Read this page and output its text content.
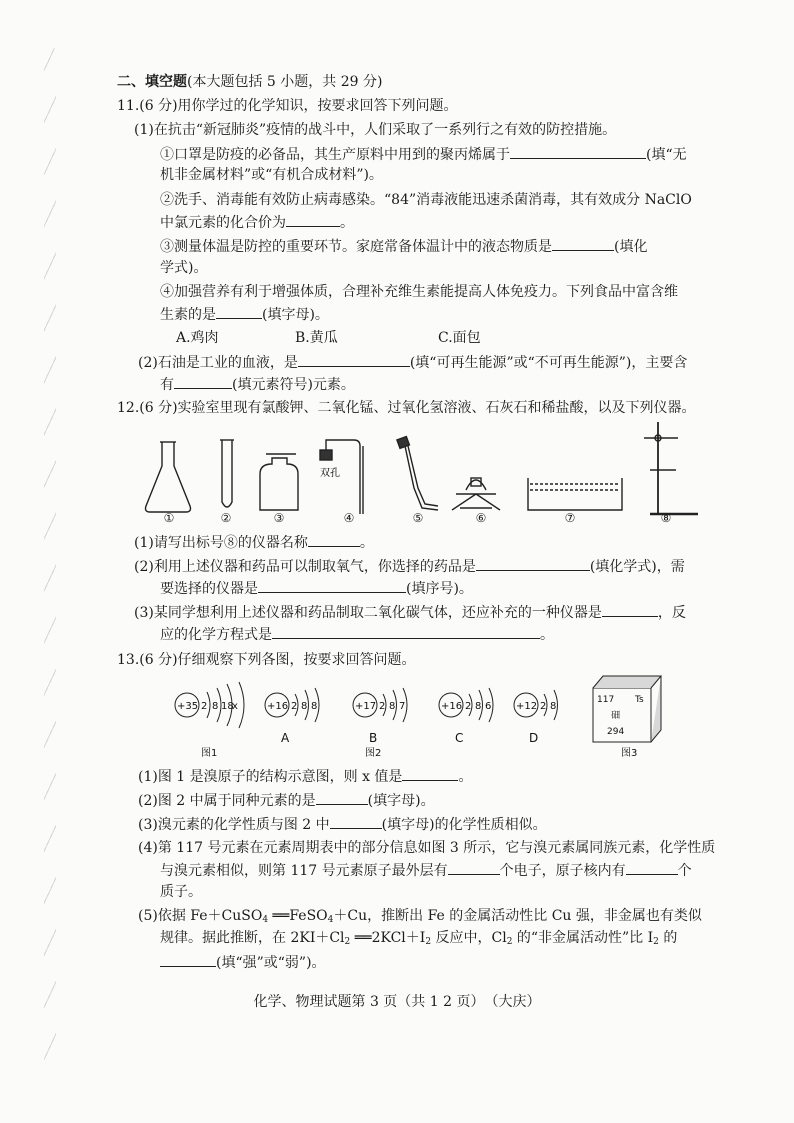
二、填空题(本大题包括 5 小题，共 29 分)
11.(6 分)用你学过的化学知识，按要求回答下列问题。
(1)在抗击“新冠肺炎”疫情的战斗中，人们采取了一系列行之有效的防控措施。
①口罩是防疫的必备品，其生产原料中用到的聚丙烯属于	(填“无
机非金属材料”或“有机合成材料”)。
②洗手、消毒能有效防止病毒感染。“84”消毒液能迅速杀菌消毒，其有效成分 NaClO
中氯元素的化合价为	。
③测量体温是防控的重要环节。家庭常备体温计中的液态物质是	(填化
学式)。
④加强营养有利于增强体质，合理补充维生素能提高人体免疫力。下列食品中富含维
生素的是	(填字母)。
A.鸡肉	B.黄瓜	C.面包
(2)石油是工业的血液，是	(填“可再生能源”或“不可再生能源”)，主要含
有	(填元素符号)元素。
12.(6 分)实验室里现有氯酸钾、二氧化锰、过氧化氢溶液、石灰石和稀盐酸，以及下列仪器。
双孔
①	②	③	④	⑤	⑥	⑦	⑧
(1)请写出标号⑧的仪器名称	。
(2)利用上述仪器和药品可以制取氧气，你选择的药品是	(填化学式)，需
要选择的仪器是	(填序号)。
(3)某同学想利用上述仪器和药品制取二氧化碳气体，还应补充的一种仪器是	，反
应的化学方程式是	。
13.(6 分)仔细观察下列各图，按要求回答问题。
+35 2 8 18
x	+16 2 8 8	+17 2 8 7	+16 2 8 6 +12 2 8
117 Ts
鿬
294
A	B	C	D
图1	图2	图3
(1)图 1 是溴原子的结构示意图，则 x 值是	。
(2)图 2 中属于同种元素的是	(填字母)。
(3)溴元素的化学性质与图 2 中	(填字母)的化学性质相似。
(4)第 117 号元素在元素周期表中的部分信息如图 3 所示，它与溴元素属同族元素，化学性质
与溴元素相似，则第 117 号元素原子最外层有	个电子，原子核内有	个
质子。
(5)依据 Fe＋CuSO$_4$ ══FeSO$_4$＋Cu，推断出 Fe 的金属活动性比 Cu 强，非金属也有类似
规律。据此推断，在 $2KI+Cl_2$ $══2KCl+I_2$ 反应中，$Cl_2$ 的“非金属活动性”比 $I_2$ 的
(填“强”或“弱”)。
化学、物理试题第 3 页（共 1 2 页）　（大庆）
